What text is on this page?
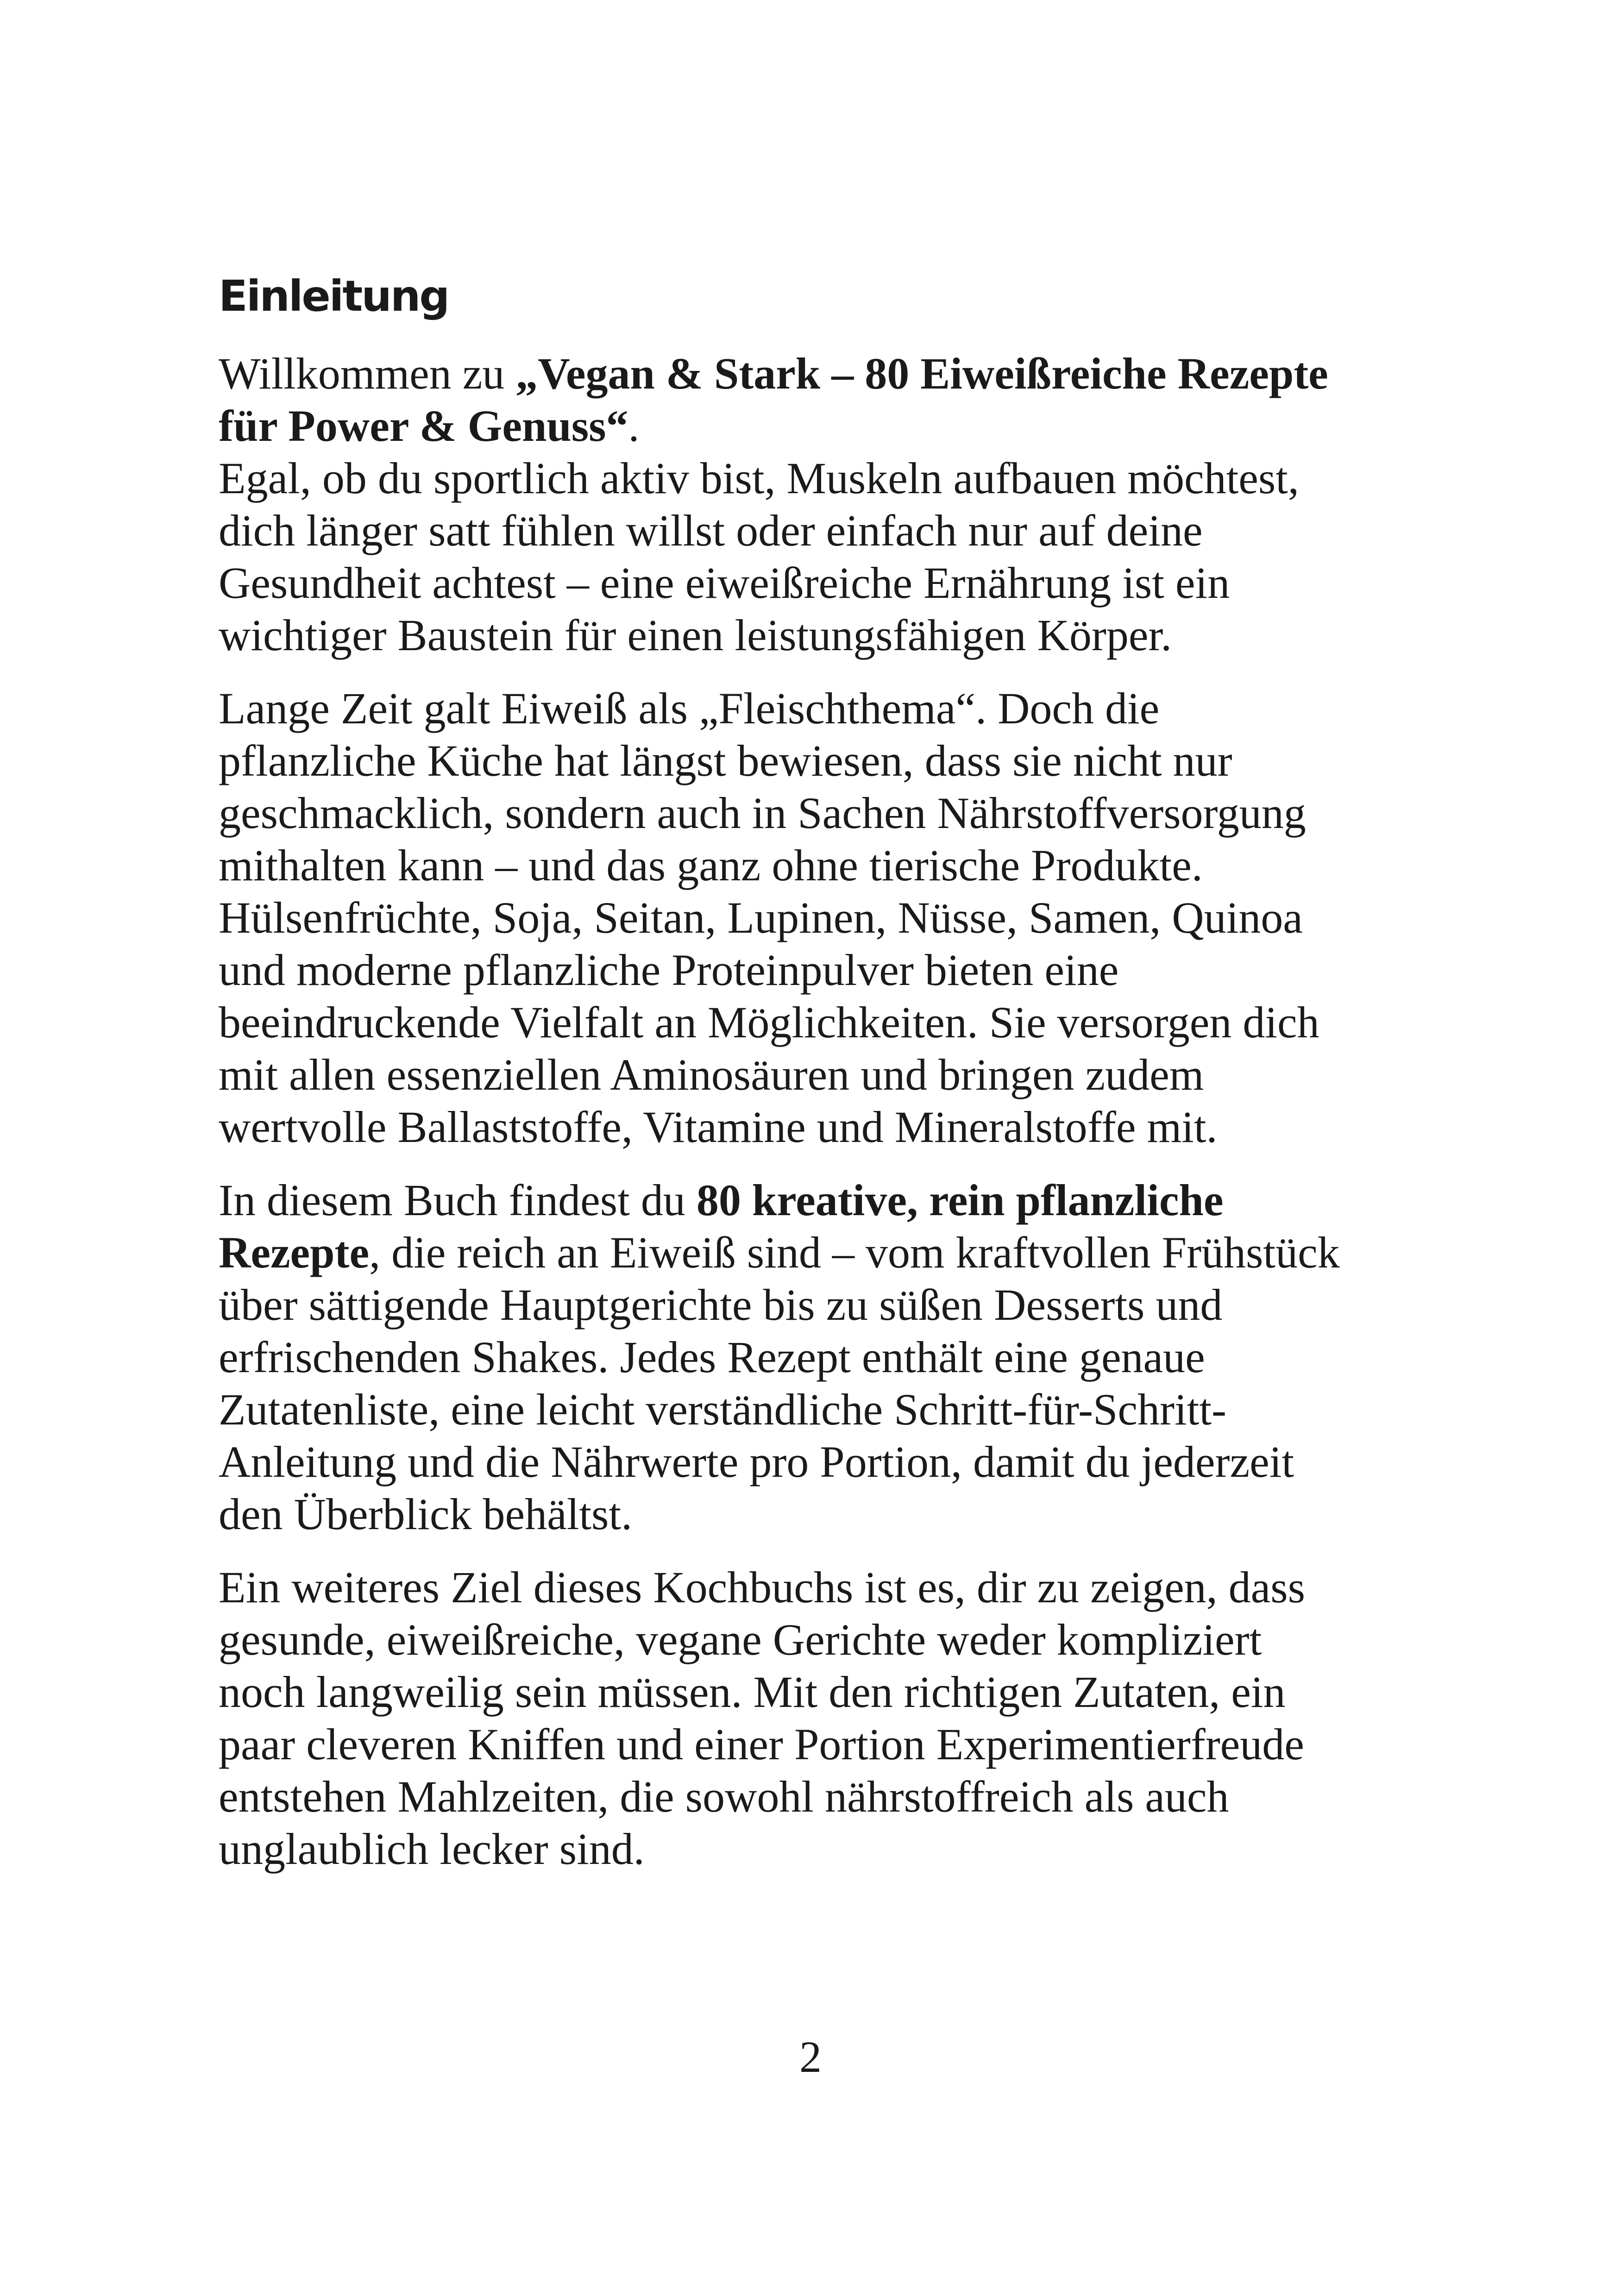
Einleitung

Willkommen zu „Vegan & Stark – 80 Eiweißreiche Rezepte
für Power & Genuss“.
Egal, ob du sportlich aktiv bist, Muskeln aufbauen möchtest,
dich länger satt fühlen willst oder einfach nur auf deine
Gesundheit achtest – eine eiweißreiche Ernährung ist ein
wichtiger Baustein für einen leistungsfähigen Körper.

Lange Zeit galt Eiweiß als „Fleischthema“. Doch die
pflanzliche Küche hat längst bewiesen, dass sie nicht nur
geschmacklich, sondern auch in Sachen Nährstoffversorgung
mithalten kann – und das ganz ohne tierische Produkte.
Hülsenfrüchte, Soja, Seitan, Lupinen, Nüsse, Samen, Quinoa
und moderne pflanzliche Proteinpulver bieten eine
beeindruckende Vielfalt an Möglichkeiten. Sie versorgen dich
mit allen essenziellen Aminosäuren und bringen zudem
wertvolle Ballaststoffe, Vitamine und Mineralstoffe mit.

In diesem Buch findest du 80 kreative, rein pflanzliche
Rezepte, die reich an Eiweiß sind – vom kraftvollen Frühstück
über sättigende Hauptgerichte bis zu süßen Desserts und
erfrischenden Shakes. Jedes Rezept enthält eine genaue
Zutatenliste, eine leicht verständliche Schritt-für-Schritt-
Anleitung und die Nährwerte pro Portion, damit du jederzeit
den Überblick behältst.

Ein weiteres Ziel dieses Kochbuchs ist es, dir zu zeigen, dass
gesunde, eiweißreiche, vegane Gerichte weder kompliziert
noch langweilig sein müssen. Mit den richtigen Zutaten, ein
paar cleveren Kniffen und einer Portion Experimentierfreude
entstehen Mahlzeiten, die sowohl nährstoffreich als auch
unglaublich lecker sind.

2
